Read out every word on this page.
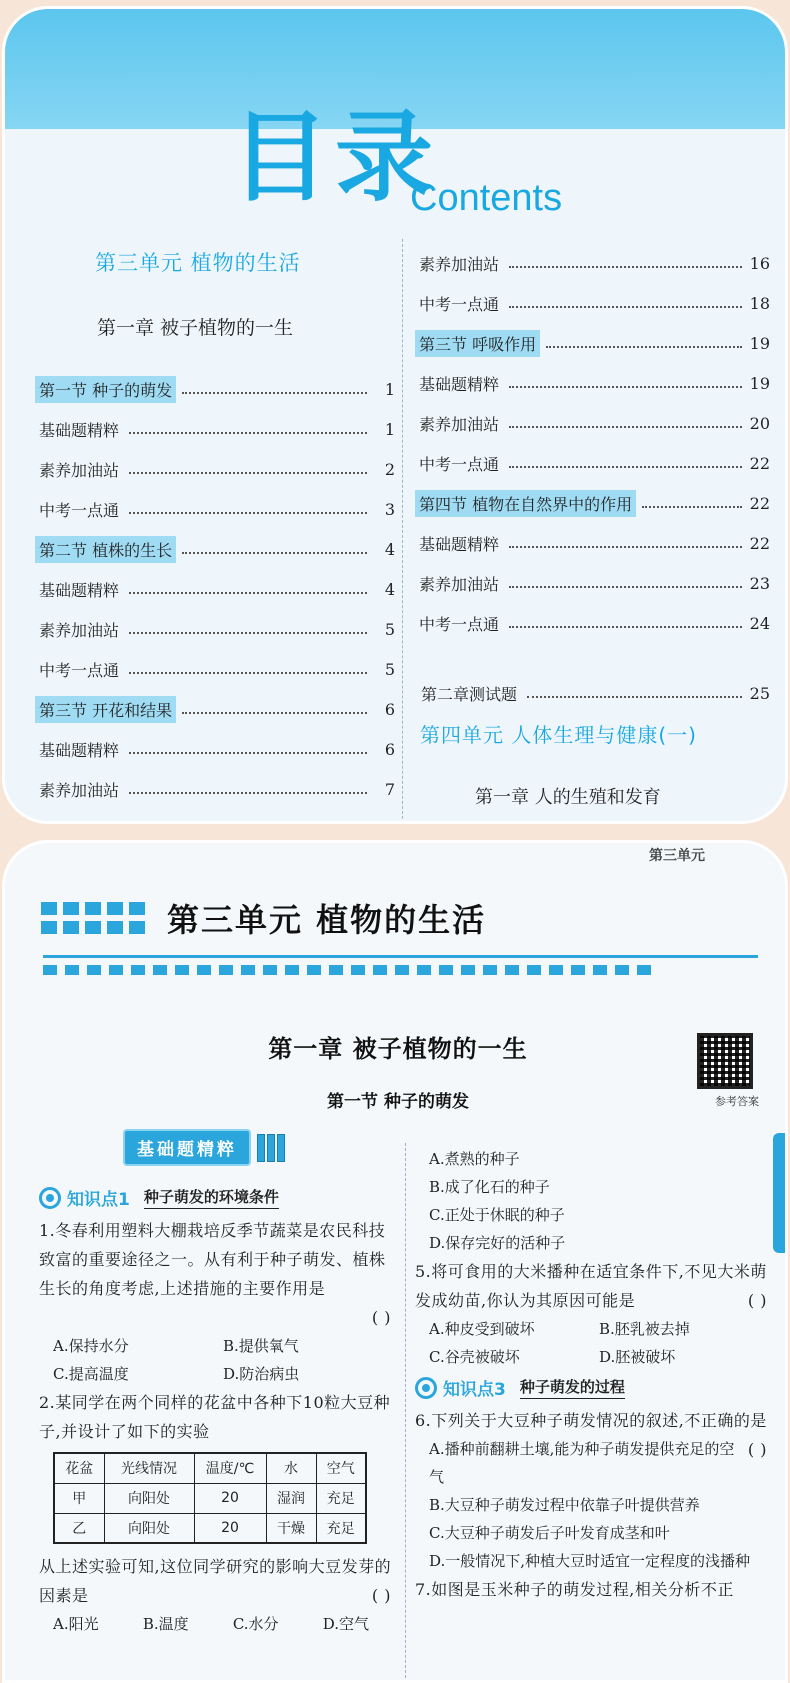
目录
Contents
第三单元 植物的生活
第一章 被子植物的一生
第一节 种子的萌发	1
基础题精粹	1
素养加油站	2
中考一点通	3
第二节 植株的生长	4
基础题精粹	4
素养加油站	5
中考一点通	5
第三节 开花和结果	6
基础题精粹	6
素养加油站	7
素养加油站	16
中考一点通	18
第三节 呼吸作用	19
基础题精粹	19
素养加油站	20
中考一点通	22
第四节 植物在自然界中的作用	22
基础题精粹	22
素养加油站	23
中考一点通	24
第二章测试题	25
第四单元 人体生理与健康(一)
第一章 人的生殖和发育
第三单元
第三单元 植物的生活
第一章 被子植物的一生
参考答案
第一节 种子的萌发
基础题精粹
知识点1 种子萌发的环境条件
1.冬春利用塑料大棚栽培反季节蔬菜是农民科技致富的重要途径之一。从有利于种子萌发、植株生长的角度考虑,上述措施的主要作用是
( )
A.保持水分	B.提供氧气
C.提高温度	D.防治病虫
2.某同学在两个同样的花盆中各种下10粒大豆种子,并设计了如下的实验
花盆	光线情况	温度/℃	水	空气
甲	向阳处	20	湿润	充足
乙	向阳处	20	干燥	充足
从上述实验可知,这位同学研究的影响大豆发芽的因素是	( )
A.阳光	B.温度	C.水分	D.空气
A.煮熟的种子
B.成了化石的种子
C.正处于休眠的种子
D.保存完好的活种子
5.将可食用的大米播种在适宜条件下,不见大米萌发成幼苗,你认为其原因可能是	( )
A.种皮受到破坏	B.胚乳被去掉
C.谷壳被破坏	D.胚被破坏
知识点3 种子萌发的过程
6.下列关于大豆种子萌发情况的叙述,不正确的是
( )
A.播种前翻耕土壤,能为种子萌发提供充足的空气
B.大豆种子萌发过程中依靠子叶提供营养
C.大豆种子萌发后子叶发育成茎和叶
D.一般情况下,种植大豆时适宜一定程度的浅播种
7.如图是玉米种子的萌发过程,相关分析不正
